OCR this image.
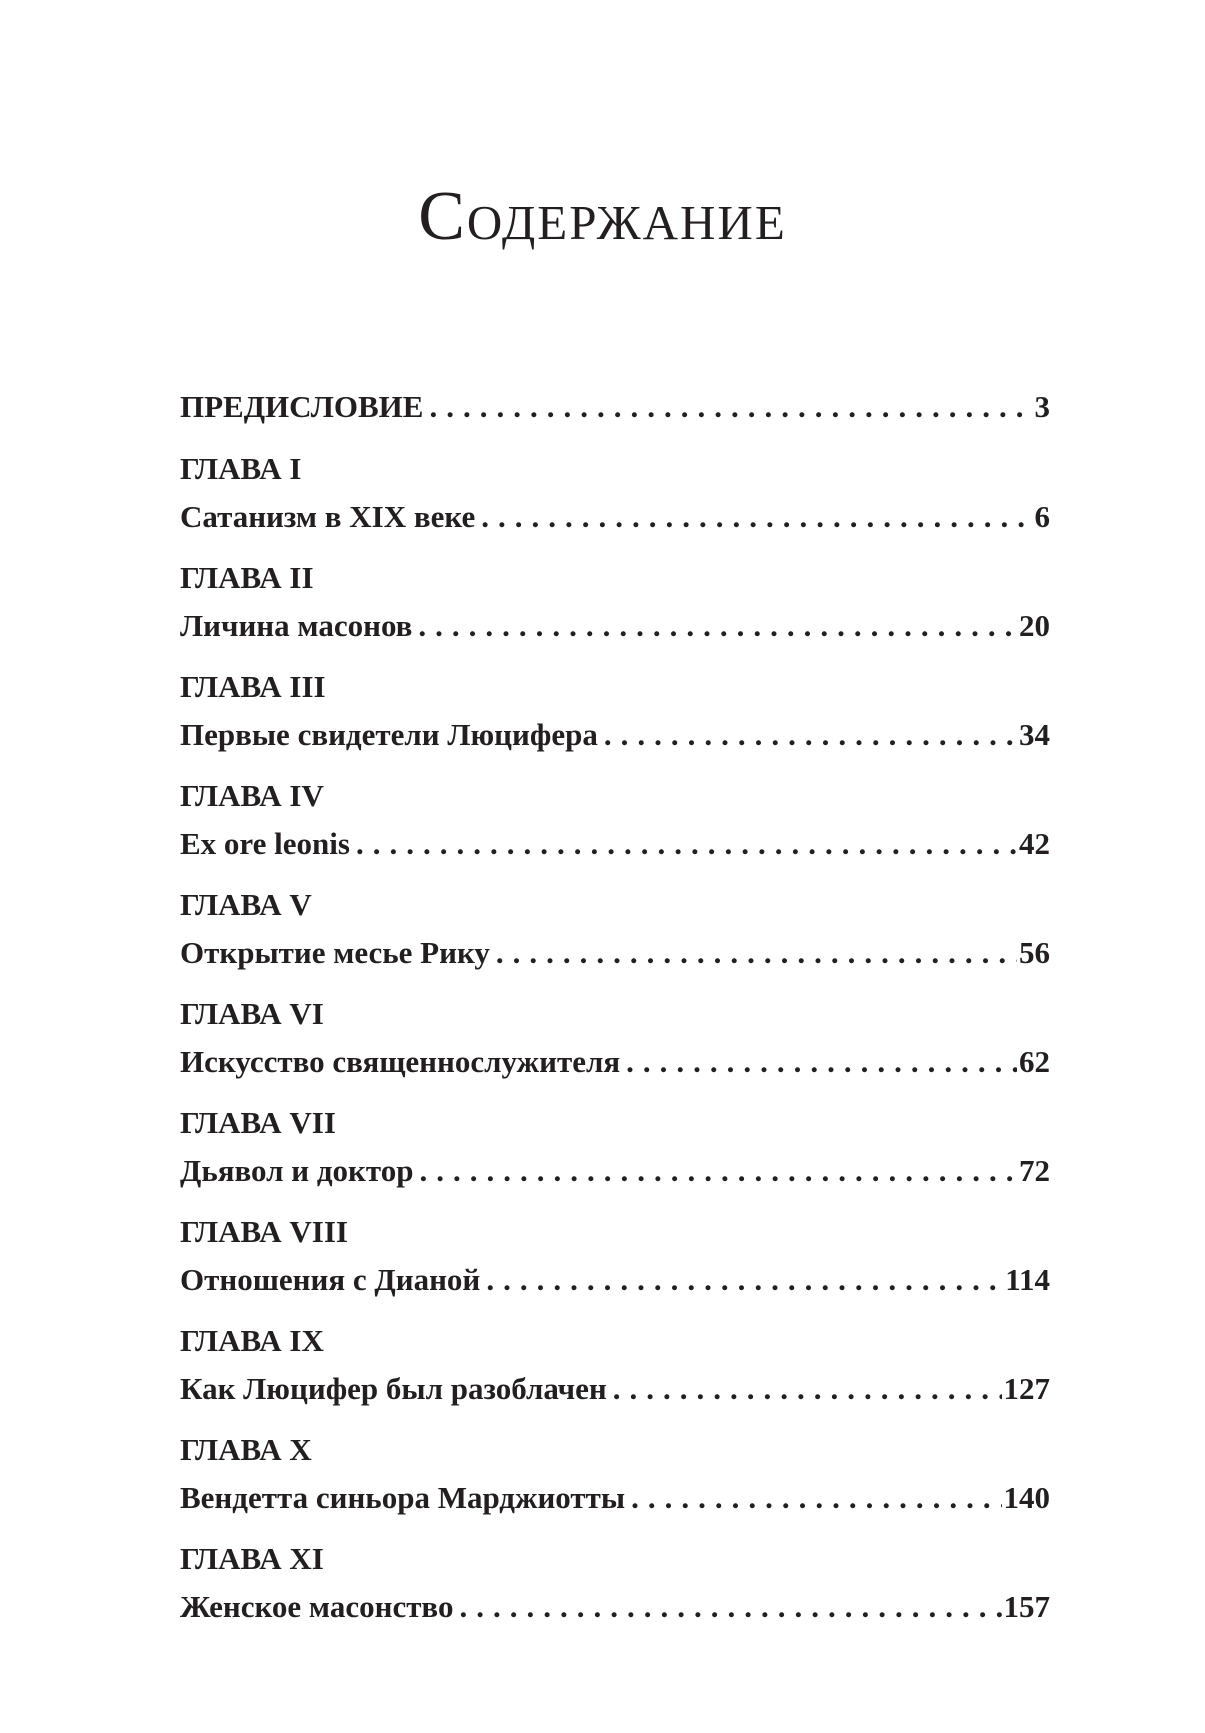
Содержание
ПРЕДИСЛОВИЕ .....	3
ГЛАВА I
Сатанизм в XIX веке .....	6
ГЛАВА II
Личина масонов .....	20
ГЛАВА III
Первые свидетели Люцифера .....	34
ГЛАВА IV
Ex ore leonis .....	42
ГЛАВА V
Открытие месье Рику .....	56
ГЛАВА VI
Искусство священнослужителя .....	62
ГЛАВА VII
Дьявол и доктор .....	72
ГЛАВА VIII
Отношения с Дианой .....	114
ГЛАВА IX
Как Люцифер был разоблачен .....	127
ГЛАВА X
Вендетта синьора Марджиотты .....	140
ГЛАВА XI
Женское масонство .....	157
